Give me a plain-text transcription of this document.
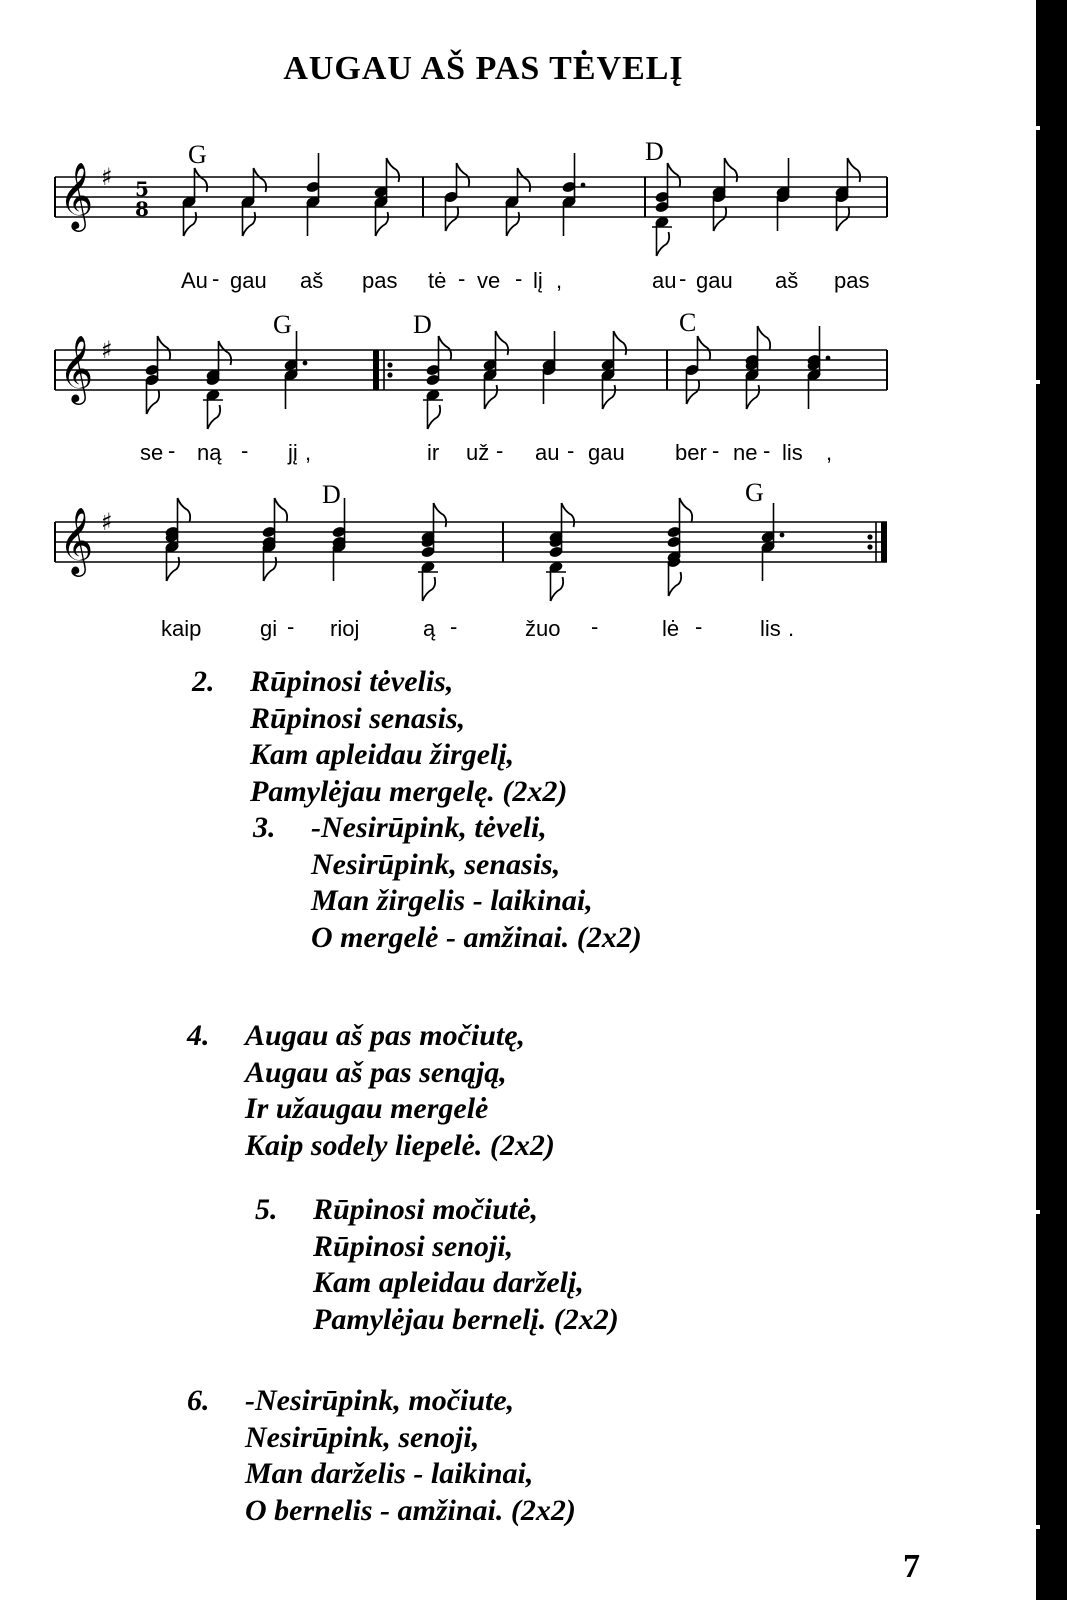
AUGAU AŠ PAS TĖVELĮ
G	D
𝄞 ♯ 5
8
Au - gau aš pas tė - ve - lį ,	au - gau aš pas
G	D	C
𝄞 ♯
se - ną - jį ,	ir už - au - gau ber - ne - lis ,
D	G
𝄞 ♯
kaip	gi - rioj	ą -	žuo -	lė -	lis .
2. Rūpinosi tėvelis,
Rūpinosi senasis,
Kam apleidau žirgelį,
Pamylėjau mergelę. (2x2)
3. -Nesirūpink, tėveli,
Nesirūpink, senasis,
Man žirgelis - laikinai,
O mergelė - amžinai. (2x2)
4. Augau aš pas močiutę,
Augau aš pas senąją,
Ir užaugau mergelė
Kaip sodely liepelė. (2x2)
5. Rūpinosi močiutė,
Rūpinosi senoji,
Kam apleidau darželį,
Pamylėjau bernelį. (2x2)
6. -Nesirūpink, močiute,
Nesirūpink, senoji,
Man darželis - laikinai,
O bernelis - amžinai. (2x2)
7
